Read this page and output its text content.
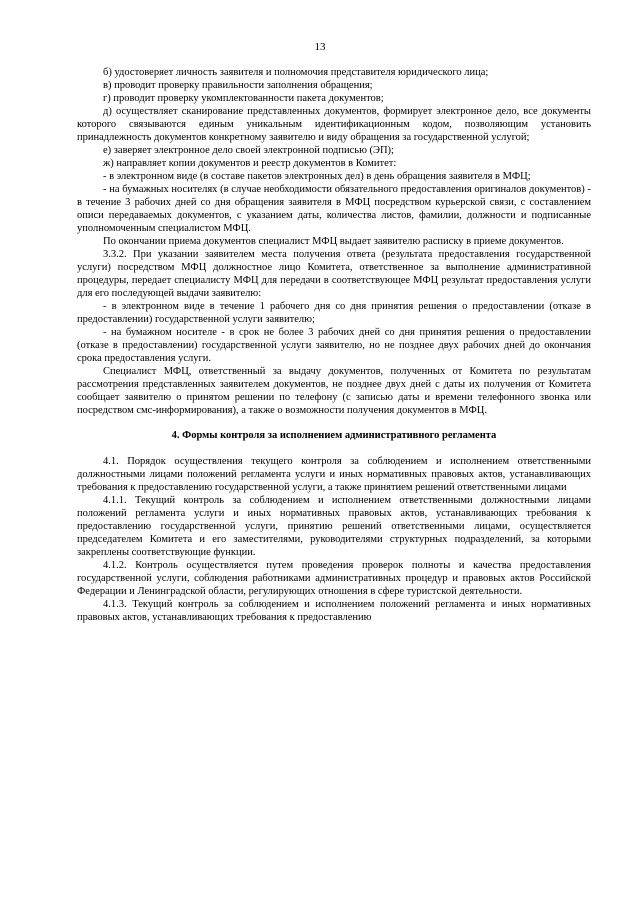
13

б) удостоверяет личность заявителя и полномочия представителя юридического лица;

в) проводит проверку правильности заполнения обращения;

г) проводит проверку укомплектованности пакета документов;

д) осуществляет сканирование представленных документов, формирует электронное дело, все документы которого связываются единым уникальным идентификационным кодом, позволяющим установить принадлежность документов конкретному заявителю и виду обращения за государственной услугой;

е) заверяет электронное дело своей электронной подписью (ЭП);

ж) направляет копии документов и реестр документов в Комитет:

- в электронном виде (в составе пакетов электронных дел) в день обращения заявителя в МФЦ;

- на бумажных носителях (в случае необходимости обязательного предоставления оригиналов документов) - в течение 3 рабочих дней со дня обращения заявителя в МФЦ посредством курьерской связи, с составлением описи передаваемых документов, с указанием даты, количества листов, фамилии, должности и подписанные уполномоченным специалистом МФЦ.

По окончании приема документов специалист МФЦ выдает заявителю расписку в приеме документов.

3.3.2. При указании заявителем места получения ответа (результата предоставления государственной услуги) посредством МФЦ должностное лицо Комитета, ответственное за выполнение административной процедуры, передает специалисту МФЦ для передачи в соответствующее МФЦ результат предоставления услуги для его последующей выдачи заявителю:

- в электронном виде в течение 1 рабочего дня со дня принятия решения о предоставлении (отказе в предоставлении) государственной услуги заявителю;

- на бумажном носителе - в срок не более 3 рабочих дней со дня принятия решения о предоставлении (отказе в предоставлении) государственной услуги заявителю, но не позднее двух рабочих дней до окончания срока предоставления услуги.

Специалист МФЦ, ответственный за выдачу документов, полученных от Комитета по результатам рассмотрения представленных заявителем документов, не позднее двух дней с даты их получения от Комитета сообщает заявителю о принятом решении по телефону (с записью даты и времени телефонного звонка или посредством смс-информирования), а также о возможности получения документов в МФЦ.

4. Формы контроля за исполнением административного регламента

4.1. Порядок осуществления текущего контроля за соблюдением и исполнением ответственными должностными лицами положений регламента услуги и иных нормативных правовых актов, устанавливающих требования к предоставлению государственной услуги, а также принятием решений ответственными лицами

4.1.1. Текущий контроль за соблюдением и исполнением ответственными должностными лицами положений регламента услуги и иных нормативных правовых актов, устанавливающих требования к предоставлению государственной услуги, принятию решений ответственными лицами, осуществляется председателем Комитета и его заместителями, руководителями структурных подразделений, за которыми закреплены соответствующие функции.

4.1.2. Контроль осуществляется путем проведения проверок полноты и качества предоставления государственной услуги, соблюдения работниками административных процедур и правовых актов Российской Федерации и Ленинградской области, регулирующих отношения в сфере туристской деятельности.

4.1.3. Текущий контроль за соблюдением и исполнением положений регламента и иных нормативных правовых актов, устанавливающих требования к предоставлению
